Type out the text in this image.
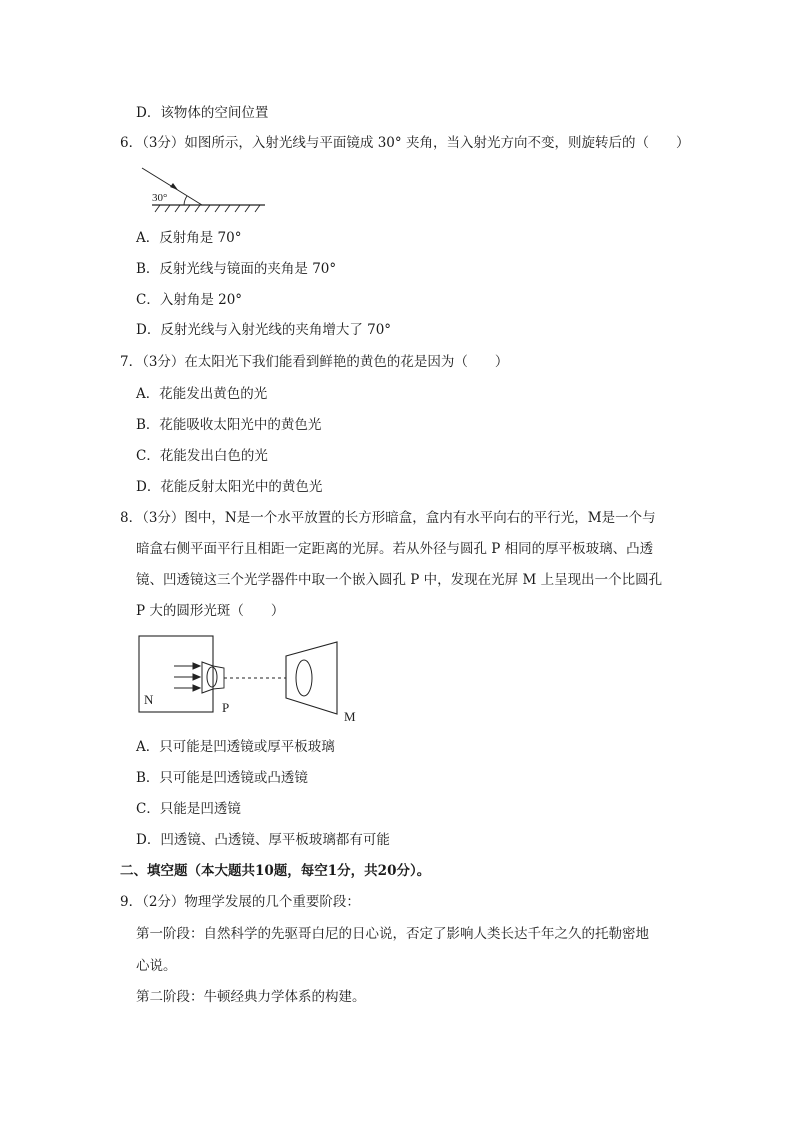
D．该物体的空间位置
6．（3分）如图所示，入射光线与平面镜成 30° 夹角，当入射光方向不变，则旋转后的（　　）
30°
A．反射角是 70°
B．反射光线与镜面的夹角是 70°
C．入射角是 20°
D．反射光线与入射光线的夹角增大了 70°
7．（3分）在太阳光下我们能看到鲜艳的黄色的花是因为（　　）
A．花能发出黄色的光
B．花能吸收太阳光中的黄色光
C．花能发出白色的光
D．花能反射太阳光中的黄色光
8．（3分）图中，N是一个水平放置的长方形暗盒，盒内有水平向右的平行光，M是一个与
暗盒右侧平面平行且相距一定距离的光屏。若从外径与圆孔 P 相同的厚平板玻璃、凸透
镜、凹透镜这三个光学器件中取一个嵌入圆孔 P 中，发现在光屏 M 上呈现出一个比圆孔
P 大的圆形光斑（　　）
N
P
M
A．只可能是凹透镜或厚平板玻璃
B．只可能是凹透镜或凸透镜
C．只能是凹透镜
D．凹透镜、凸透镜、厚平板玻璃都有可能
二、填空题（本大题共10题，每空1分，共20分）。
9．（2分）物理学发展的几个重要阶段：
第一阶段：自然科学的先驱哥白尼的日心说，否定了影响人类长达千年之久的托勒密地
心说。
第二阶段：牛顿经典力学体系的构建。
